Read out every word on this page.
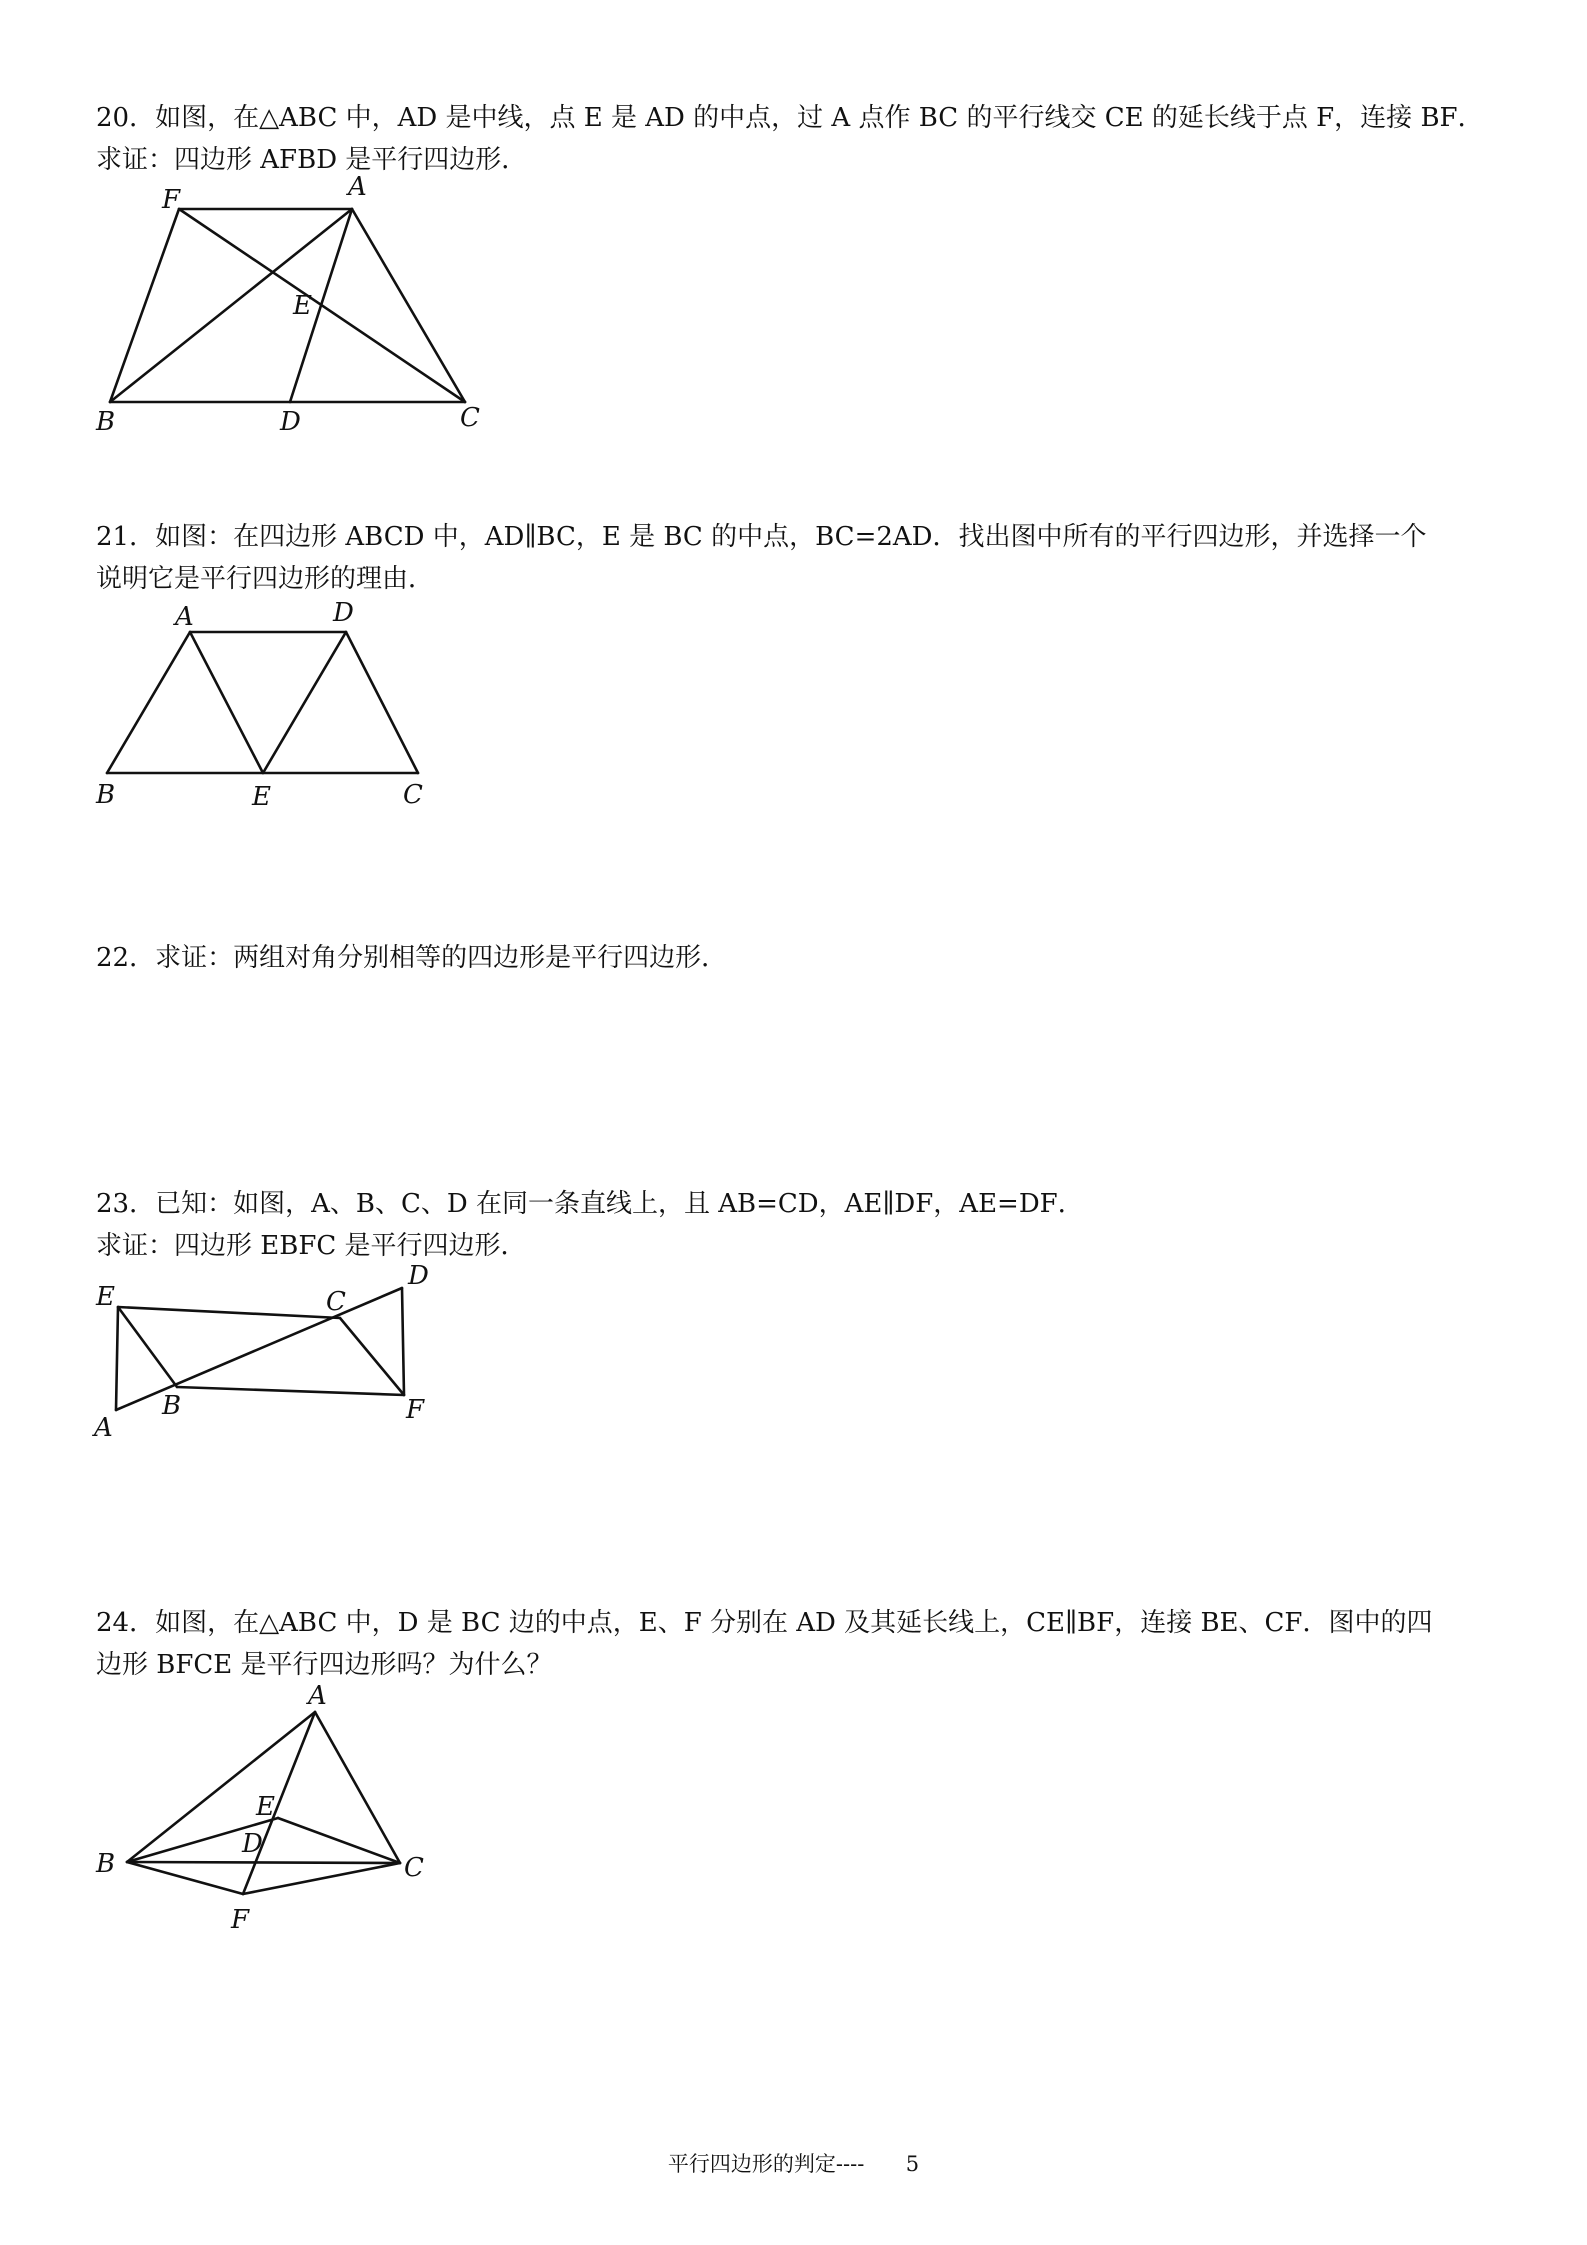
20．如图，在△ABC 中，AD 是中线，点 E 是 AD 的中点，过 A 点作 BC 的平行线交 CE 的延长线于点 F，连接 BF．

求证：四边形 AFBD 是平行四边形．

F	A
E
B	D	C

21．如图：在四边形 ABCD 中，AD∥BC，E 是 BC 的中点，BC=2AD．找出图中所有的平行四边形，并选择一个

说明它是平行四边形的理由．

A	D
B	E	C

22．求证：两组对角分别相等的四边形是平行四边形．

23．已知：如图，A、B、C、D 在同一条直线上，且 AB=CD，AE∥DF，AE=DF．

求证：四边形 EBFC 是平行四边形．

E	C
D
B	F
A

24．如图，在△ABC 中，D 是 BC 边的中点，E、F 分别在 AD 及其延长线上，CE∥BF，连接 BE、CF．图中的四

边形 BFCE 是平行四边形吗？为什么？

A
E
D
B	C
F
平行四边形的判定---- 5
